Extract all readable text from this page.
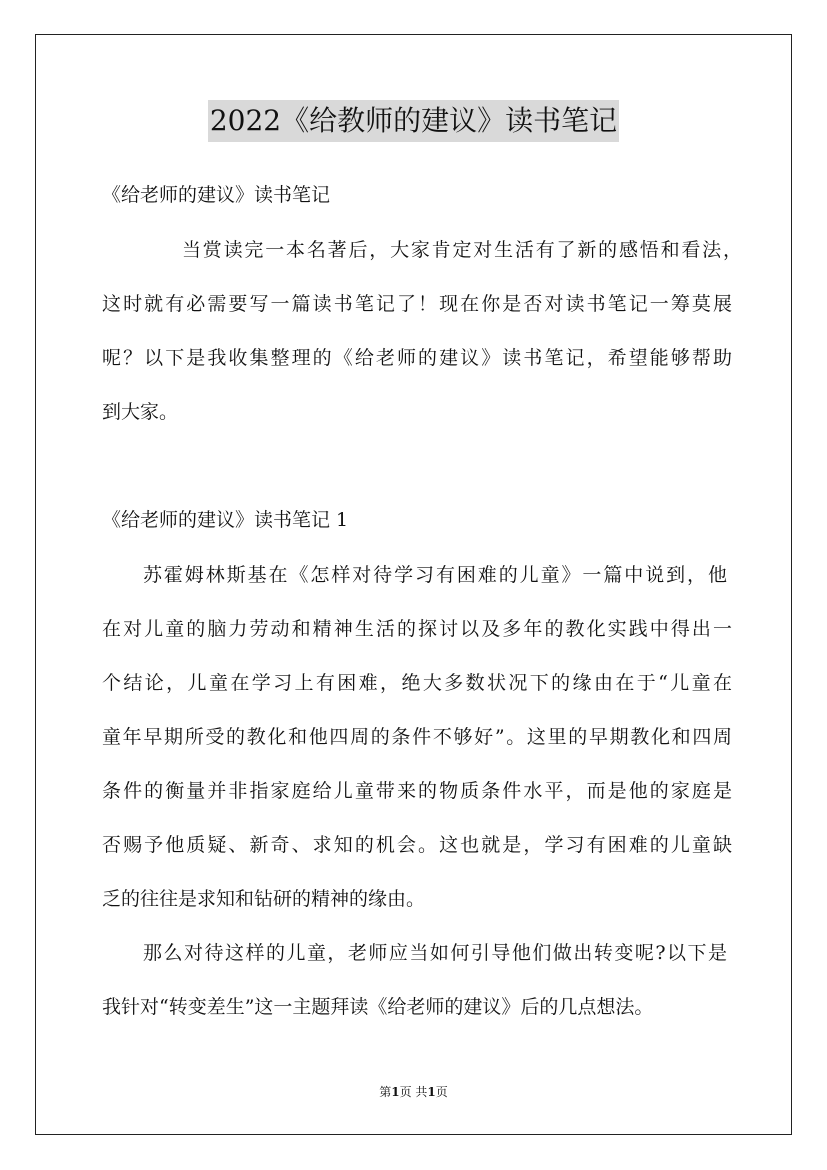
2022《给教师的建议》读书笔记

《给老师的建议》读书笔记

当赏读完一本名著后，大家肯定对生活有了新的感悟和看法，

这时就有必需要写一篇读书笔记了！现在你是否对读书笔记一筹莫展

呢？以下是我收集整理的《给老师的建议》读书笔记，希望能够帮助

到大家。

《给老师的建议》读书笔记 1

苏霍姆林斯基在《怎样对待学习有困难的儿童》一篇中说到，他

在对儿童的脑力劳动和精神生活的探讨以及多年的教化实践中得出一

个结论，儿童在学习上有困难，绝大多数状况下的缘由在于“儿童在

童年早期所受的教化和他四周的条件不够好”。这里的早期教化和四周

条件的衡量并非指家庭给儿童带来的物质条件水平，而是他的家庭是

否赐予他质疑、新奇、求知的机会。这也就是，学习有困难的儿童缺

乏的往往是求知和钻研的精神的缘由。

那么对待这样的儿童，老师应当如何引导他们做出转变呢?以下是

我针对“转变差生”这一主题拜读《给老师的建议》后的几点想法。

第1页 共1页
